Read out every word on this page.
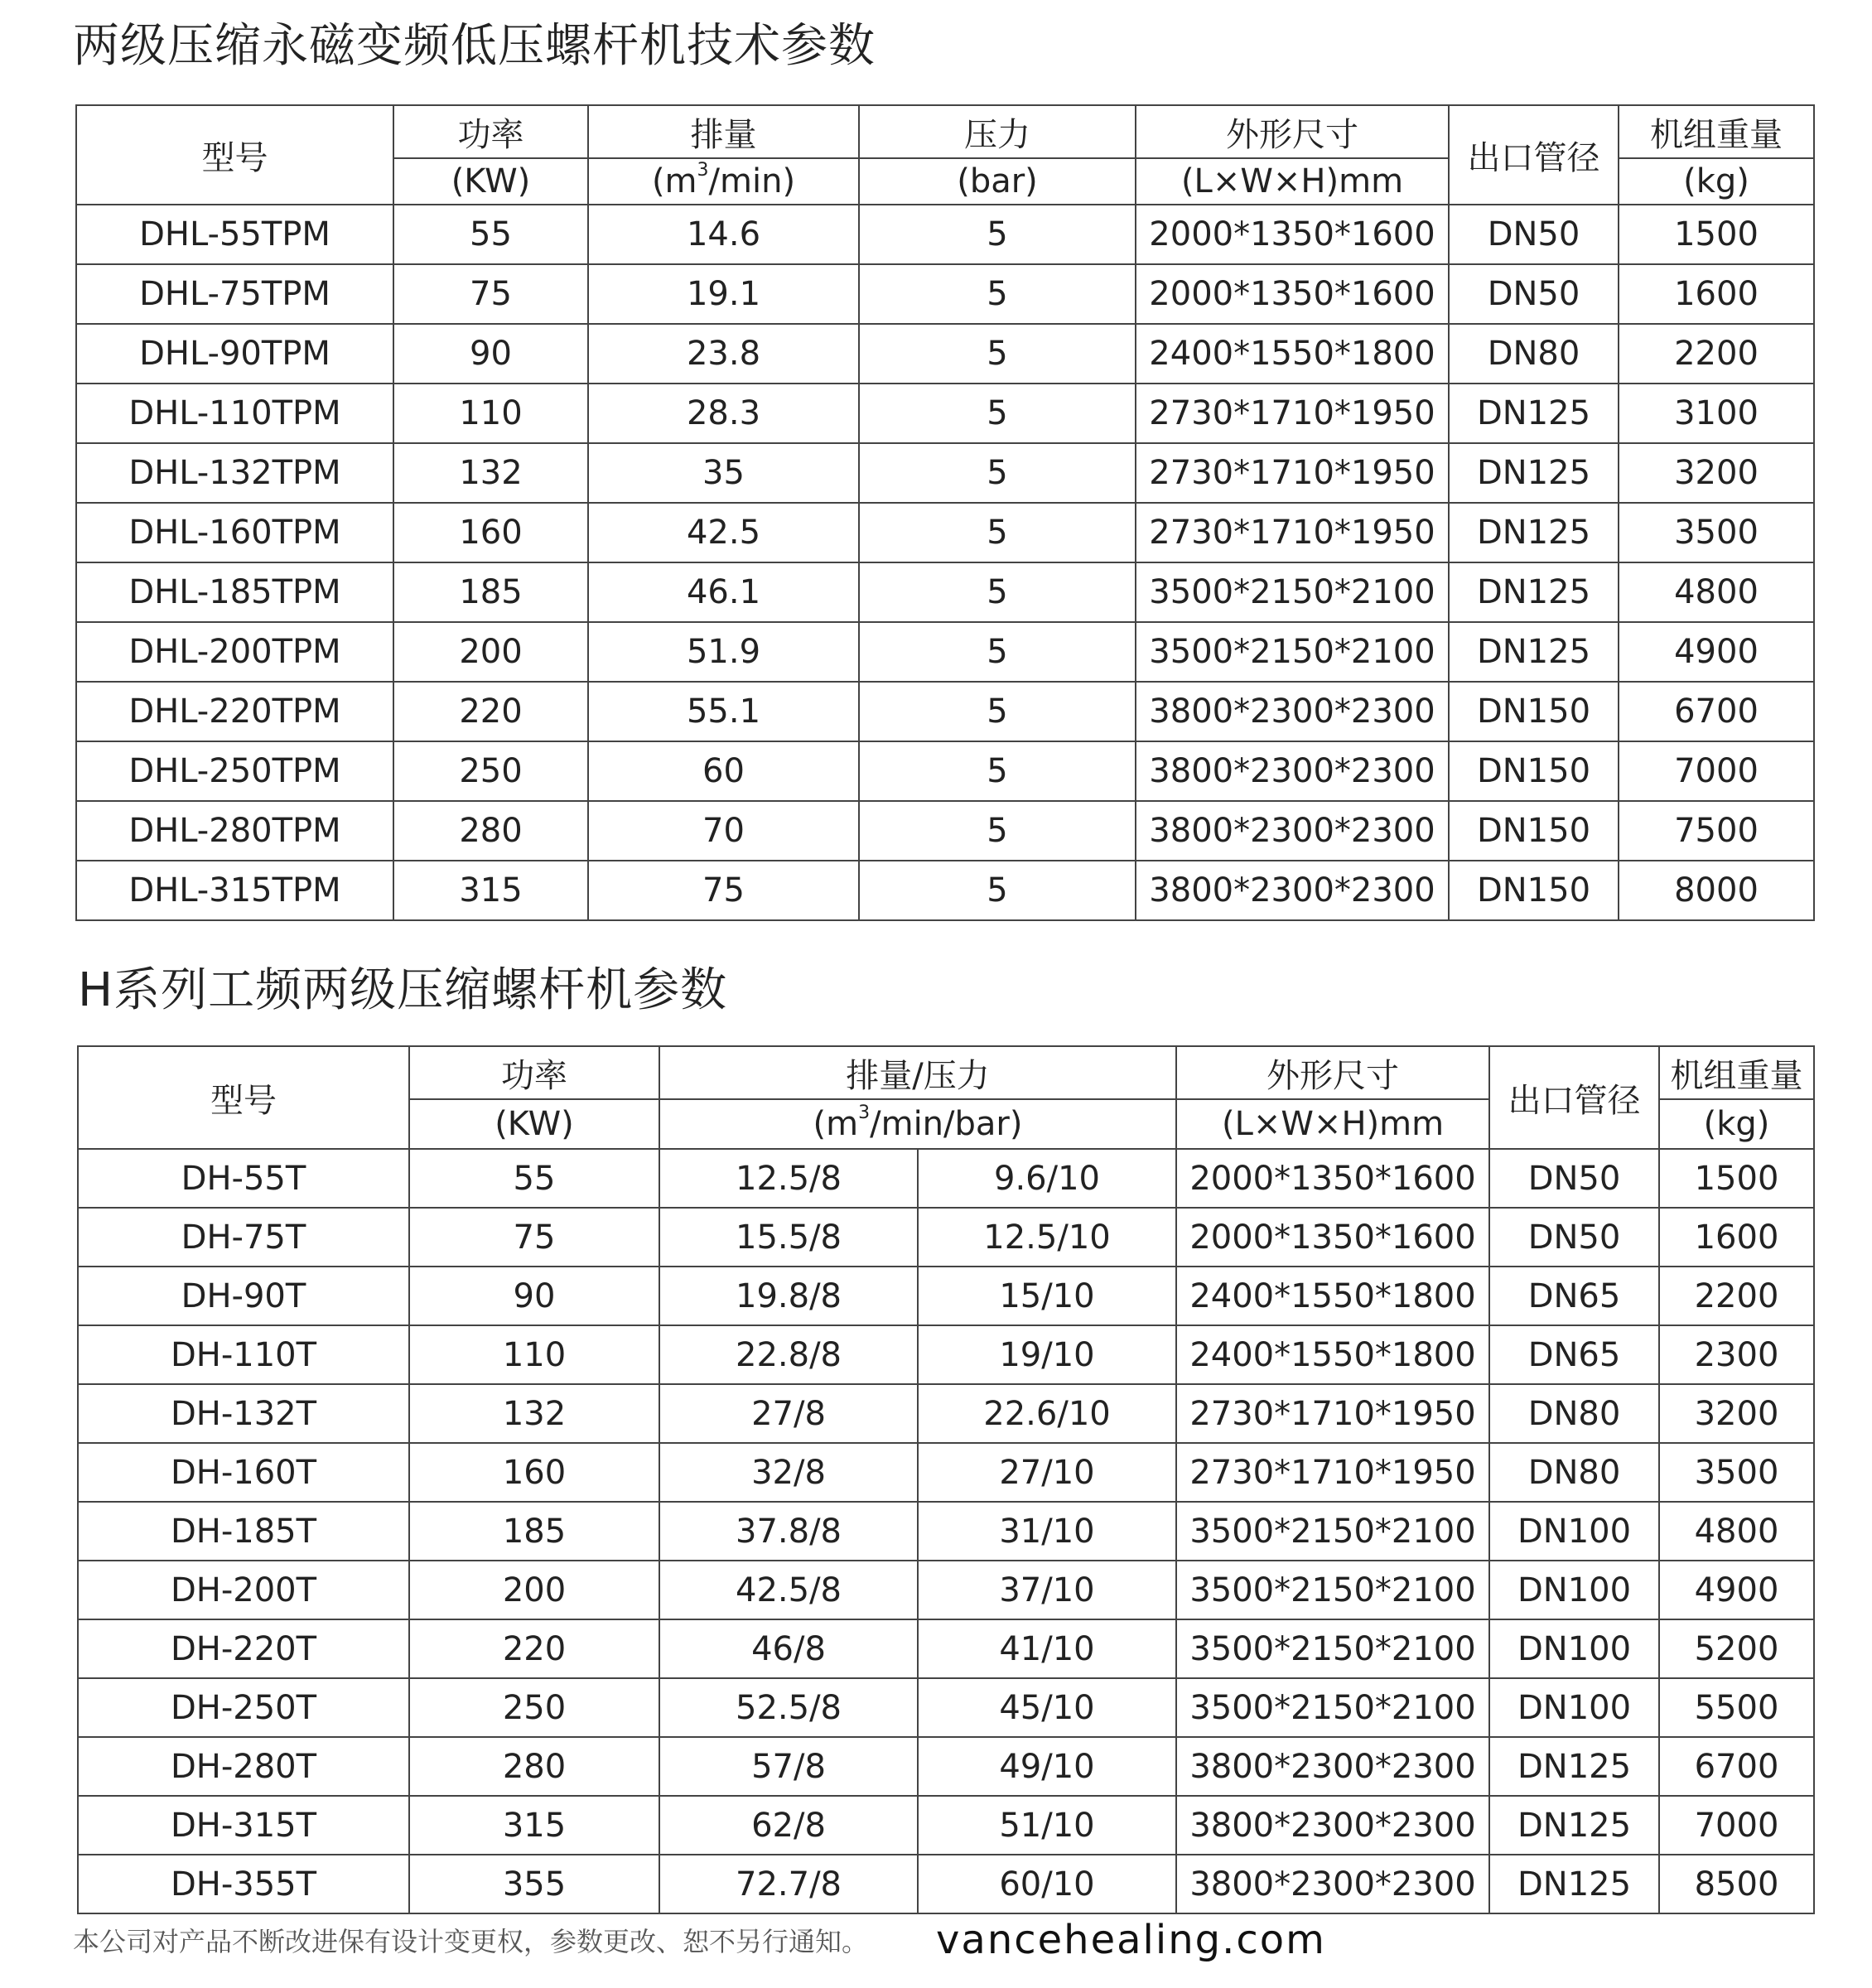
两级压缩永磁变频低压螺杆机技术参数
型号	功率	排量	压力	外形尺寸	出口管径	机组重量
	(KW)	$(m^3/\min)$	(bar)	(L×W×H)mm		(kg)
DHL-55TPM	55	14.6	5	2000*1350*1600	DN50	1500
DHL-75TPM	75	19.1	5	2000*1350*1600	DN50	1600
DHL-90TPM	90	23.8	5	2400*1550*1800	DN80	2200
DHL-110TPM	110	28.3	5	2730*1710*1950	DN125	3100
DHL-132TPM	132	35	5	2730*1710*1950	DN125	3200
DHL-160TPM	160	42.5	5	2730*1710*1950	DN125	3500
DHL-185TPM	185	46.1	5	3500*2150*2100	DN125	4800
DHL-200TPM	200	51.9	5	3500*2150*2100	DN125	4900
DHL-220TPM	220	55.1	5	3800*2300*2300	DN150	6700
DHL-250TPM	250	60	5	3800*2300*2300	DN150	7000
DHL-280TPM	280	70	5	3800*2300*2300	DN150	7500
DHL-315TPM	315	75	5	3800*2300*2300	DN150	8000
H系列工频两级压缩螺杆机参数
型号	功率	排量/压力		外形尺寸	出口管径	机组重量
	(KW)	$(m^3/\min/bar)$		(L×W×H)mm		(kg)
DH-55T	55	12.5/8	9.6/10	2000*1350*1600	DN50	1500
DH-75T	75	15.5/8	12.5/10	2000*1350*1600	DN50	1600
DH-90T	90	19.8/8	15/10	2400*1550*1800	DN65	2200
DH-110T	110	22.8/8	19/10	2400*1550*1800	DN65	2300
DH-132T	132	27/8	22.6/10	2730*1710*1950	DN80	3200
DH-160T	160	32/8	27/10	2730*1710*1950	DN80	3500
DH-185T	185	37.8/8	31/10	3500*2150*2100	DN100	4800
DH-200T	200	42.5/8	37/10	3500*2150*2100	DN100	4900
DH-220T	220	46/8	41/10	3500*2150*2100	DN100	5200
DH-250T	250	52.5/8	45/10	3500*2150*2100	DN100	5500
DH-280T	280	57/8	49/10	3800*2300*2300	DN125	6700
DH-315T	315	62/8	51/10	3800*2300*2300	DN125	7000
DH-355T	355	72.7/8	60/10	3800*2300*2300	DN125	8500
本公司对产品不断改进保有设计变更权，参数更改、恕不另行通知。 vancehealing.com
